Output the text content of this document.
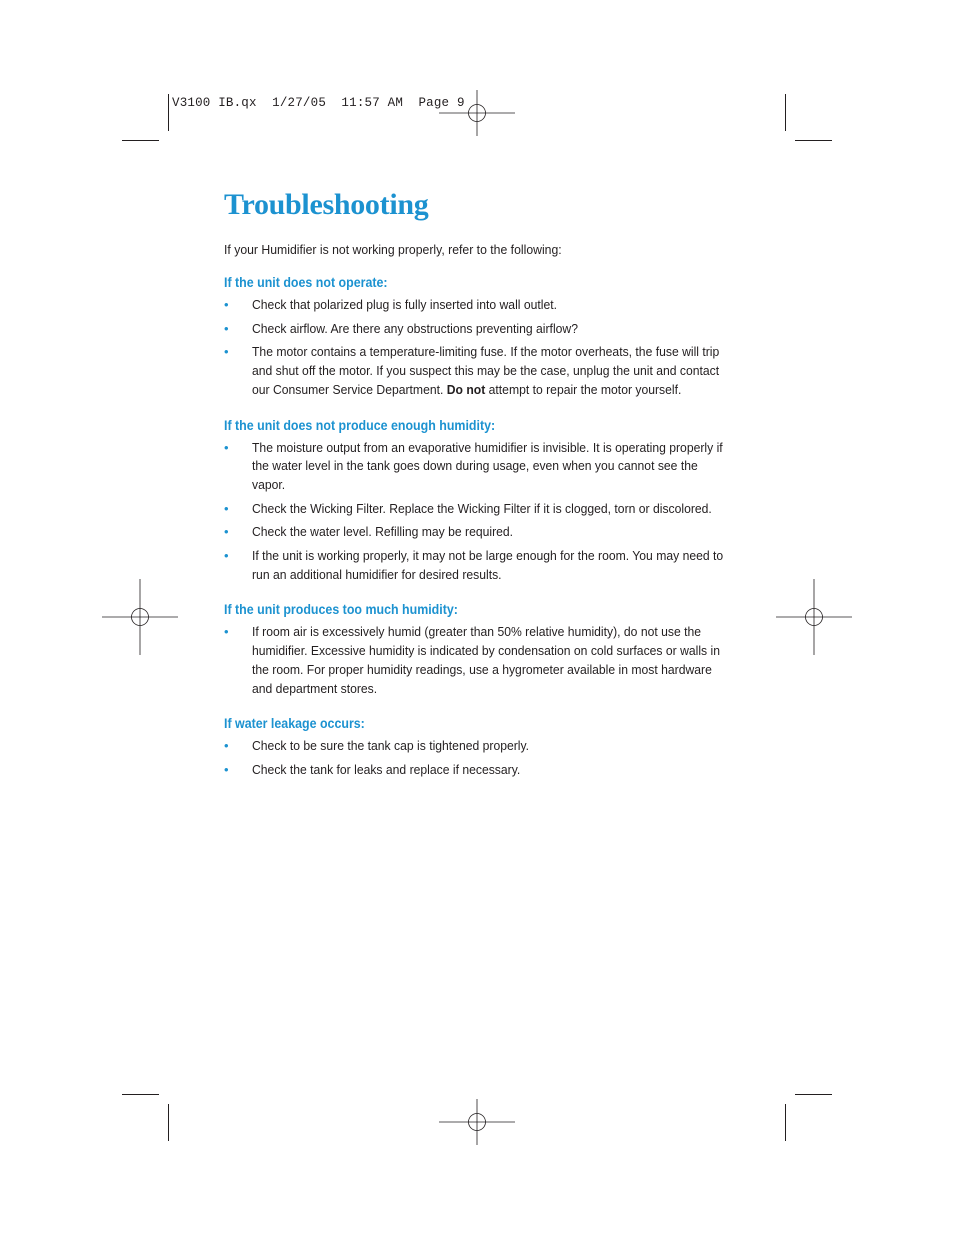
V3100 IB.qx  1/27/05  11:57 AM  Page 9
Troubleshooting

If your Humidifier is not working properly, refer to the following:

If the unit does not operate:
• Check that polarized plug is fully inserted into wall outlet.
• Check airflow. Are there any obstructions preventing airflow?
• The motor contains a temperature-limiting fuse. If the motor overheats, the fuse will trip and shut off the motor. If you suspect this may be the case, unplug the unit and contact our Consumer Service Department. Do not attempt to repair the motor yourself.
If the unit does not produce enough humidity:
• The moisture output from an evaporative humidifier is invisible. It is operating properly if the water level in the tank goes down during usage, even when you cannot see the vapor.
• Check the Wicking Filter. Replace the Wicking Filter if it is clogged, torn or discolored.
• Check the water level. Refilling may be required.
• If the unit is working properly, it may not be large enough for the room. You may need to run an additional humidifier for desired results.
If the unit produces too much humidity:
• If room air is excessively humid (greater than 50% relative humidity), do not use the humidifier. Excessive humidity is indicated by condensation on cold surfaces or walls in the room. For proper humidity readings, use a hygrometer available in most hardware and department stores.
If water leakage occurs:
• Check to be sure the tank cap is tightened properly.
• Check the tank for leaks and replace if necessary.
